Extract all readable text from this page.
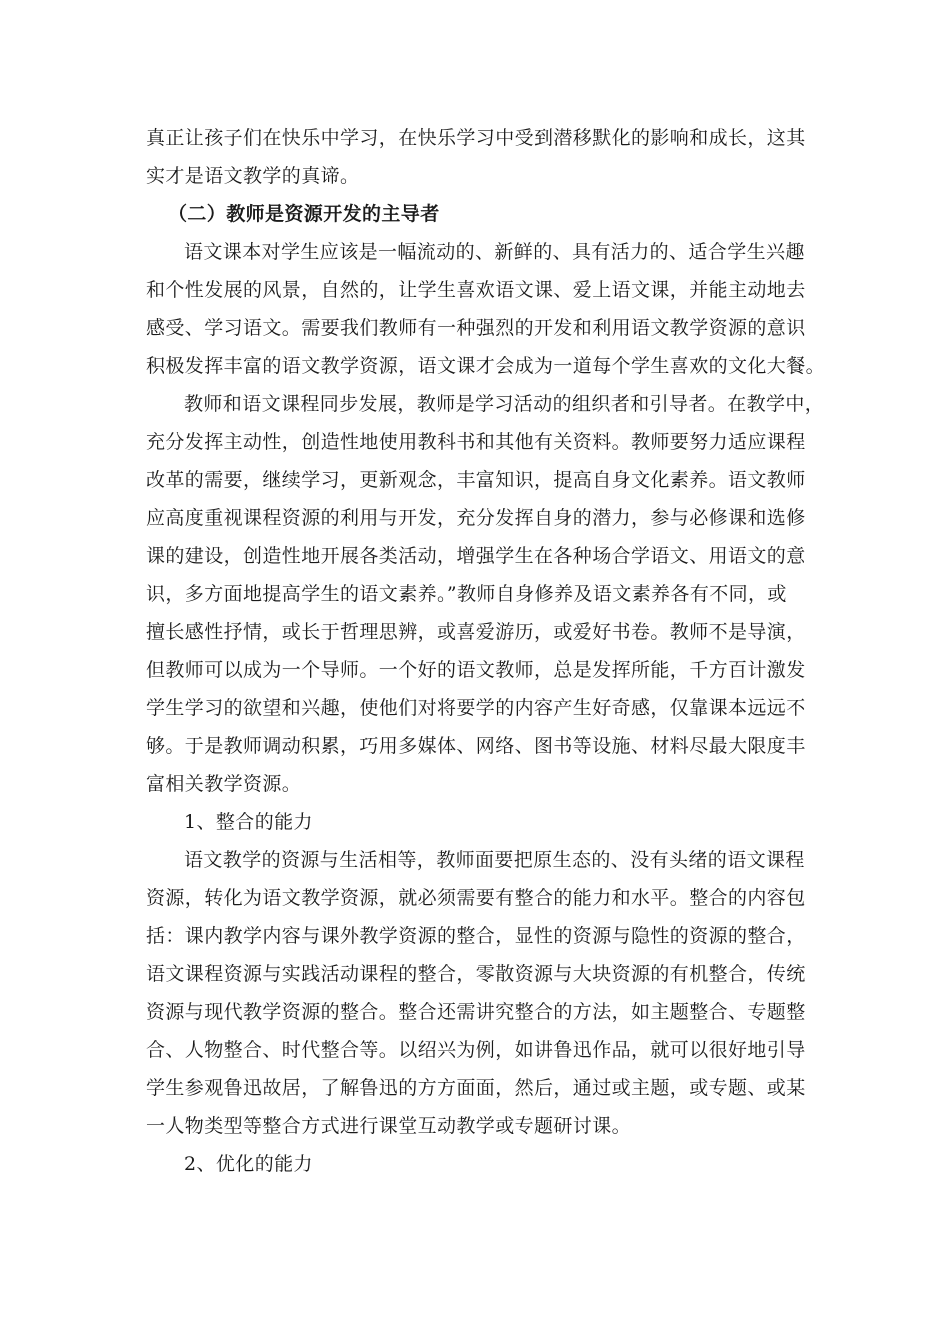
真正让孩子们在快乐中学习，在快乐学习中受到潜移默化的影响和成长，这其
实才是语文教学的真谛。
（二）教师是资源开发的主导者
语文课本对学生应该是一幅流动的、新鲜的、具有活力的、适合学生兴趣
和个性发展的风景，自然的，让学生喜欢语文课、爱上语文课，并能主动地去
感受、学习语文。需要我们教师有一种强烈的开发和利用语文教学资源的意识
积极发挥丰富的语文教学资源，语文课才会成为一道每个学生喜欢的文化大餐。
教师和语文课程同步发展，教师是学习活动的组织者和引导者。在教学中，
充分发挥主动性，创造性地使用教科书和其他有关资料。教师要努力适应课程
改革的需要，继续学习，更新观念，丰富知识，提高自身文化素养。语文教师
应高度重视课程资源的利用与开发，充分发挥自身的潜力，参与必修课和选修
课的建设，创造性地开展各类活动，增强学生在各种场合学语文、用语文的意
识，多方面地提高学生的语文素养。”教师自身修养及语文素养各有不同，或
擅长感性抒情，或长于哲理思辨，或喜爱游历，或爱好书卷。教师不是导演，
但教师可以成为一个导师。一个好的语文教师，总是发挥所能，千方百计激发
学生学习的欲望和兴趣，使他们对将要学的内容产生好奇感，仅靠课本远远不
够。于是教师调动积累，巧用多媒体、网络、图书等设施、材料尽最大限度丰
富相关教学资源。
1、整合的能力
语文教学的资源与生活相等，教师面要把原生态的、没有头绪的语文课程
资源，转化为语文教学资源，就必须需要有整合的能力和水平。整合的内容包
括：课内教学内容与课外教学资源的整合，显性的资源与隐性的资源的整合，
语文课程资源与实践活动课程的整合，零散资源与大块资源的有机整合，传统
资源与现代教学资源的整合。整合还需讲究整合的方法，如主题整合、专题整
合、人物整合、时代整合等。以绍兴为例，如讲鲁迅作品，就可以很好地引导
学生参观鲁迅故居，了解鲁迅的方方面面，然后，通过或主题，或专题、或某
一人物类型等整合方式进行课堂互动教学或专题研讨课。
2、优化的能力
